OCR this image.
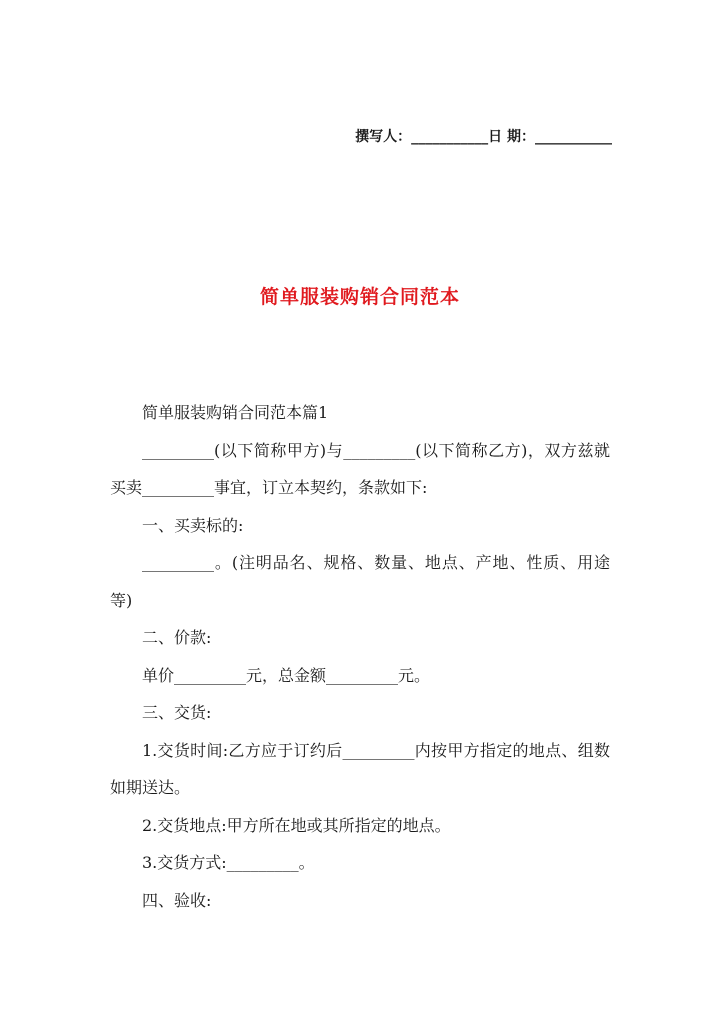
撰写人：___________日 期：___________
简单服装购销合同范本

简单服装购销合同范本篇1

_________(以下简称甲方)与_________(以下简称乙方)，双方兹就买卖_________事宜，订立本契约，条款如下:

一、买卖标的:

_________。(注明品名、规格、数量、地点、产地、性质、用途等)

二、价款:

单价_________元，总金额_________元。

三、交货:

1.交货时间:乙方应于订约后_________内按甲方指定的地点、组数如期送达。

2.交货地点:甲方所在地或其所指定的地点。

3.交货方式:_________。

四、验收:
